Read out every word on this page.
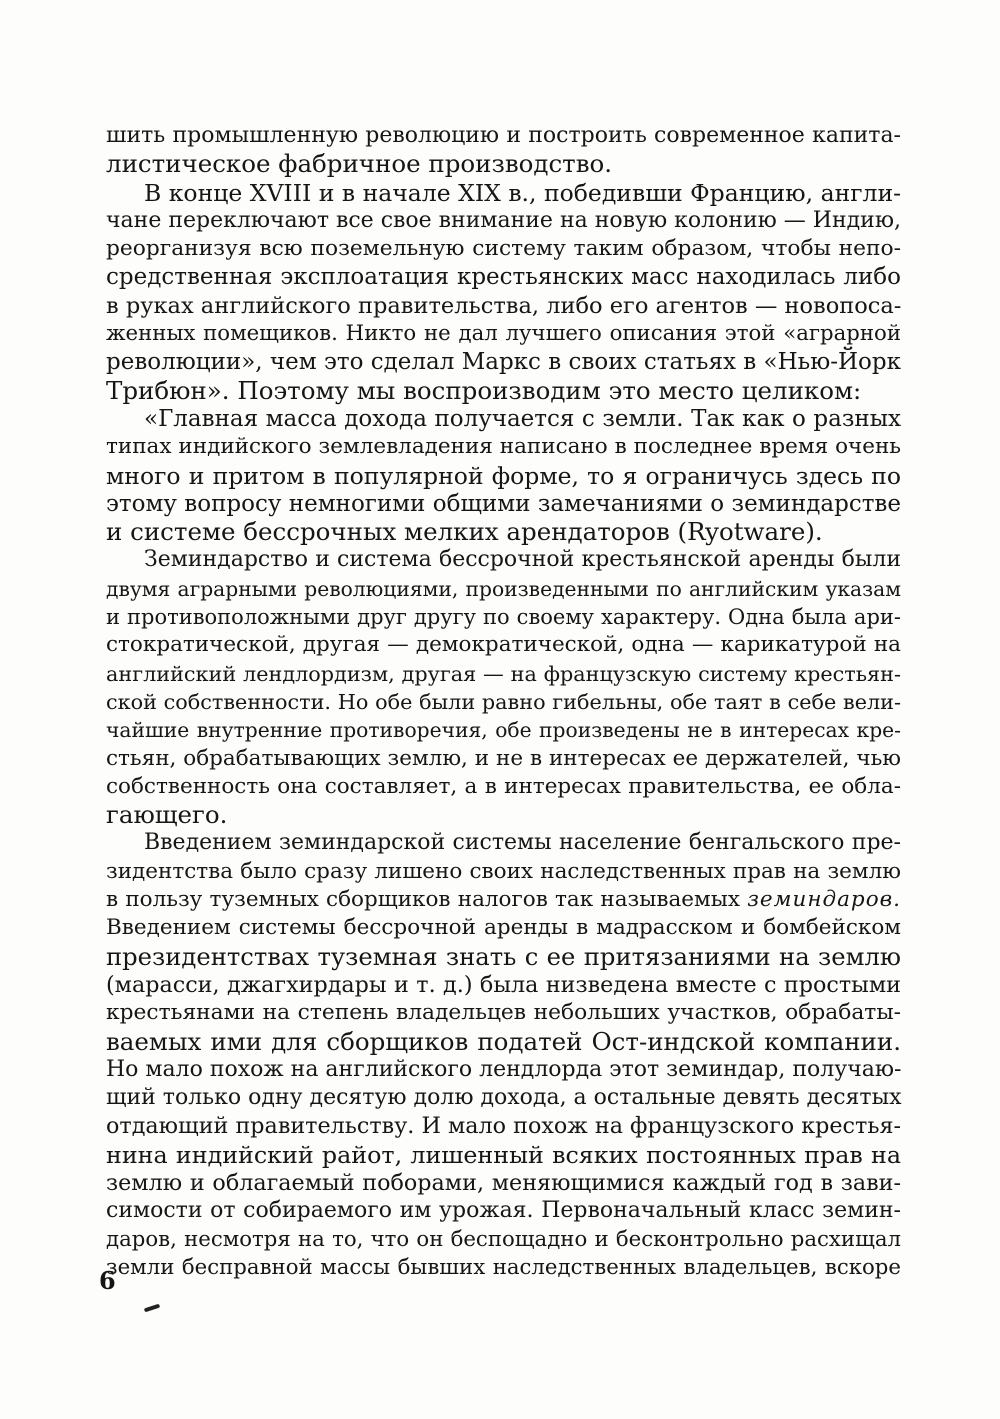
шить промышленную революцию и построить современное капита-
листическое фабричное производство.
В конце XVIII и в начале XIX в., победивши Францию, англи-
чане переключают все свое внимание на новую колонию — Индию,
реорганизуя всю поземельную систему таким образом, чтобы непо-
средственная эксплоатация крестьянских масс находилась либо
в руках английского правительства, либо его агентов — новопоса-
женных помещиков. Никто не дал лучшего описания этой «аграрной
революции», чем это сделал Маркс в своих статьях в «Нью-Йорк
Трибюн». Поэтому мы воспроизводим это место целиком:
«Главная масса дохода получается с земли. Так как о разных
типах индийского землевладения написано в последнее время очень
много и притом в популярной форме, то я ограничусь здесь по
этому вопросу немногими общими замечаниями о земиндарстве
и системе бессрочных мелких арендаторов (Ryotware).
Земиндарство и система бессрочной крестьянской аренды были
двумя аграрными революциями, произведенными по английским указам
и противоположными друг другу по своему характеру. Одна была ари-
стократической, другая — демократической, одна — карикатурой на
английский лендлордизм, другая — на французскую систему крестьян-
ской собственности. Но обе были равно гибельны, обе таят в себе вели-
чайшие внутренние противоречия, обе произведены не в интересах кре-
стьян, обрабатывающих землю, и не в интересах ее держателей, чью
собственность она составляет, а в интересах правительства, ее обла-
гающего.
Введением земиндарской системы население бенгальского пре-
зидентства было сразу лишено своих наследственных прав на землю
в пользу туземных сборщиков налогов так называемых земиндаров.
Введением системы бессрочной аренды в мадрасском и бомбейском
президентствах туземная знать с ее притязаниями на землю
(марасси, джагхирдары и т. д.) была низведена вместе с простыми
крестьянами на степень владельцев небольших участков, обрабаты-
ваемых ими для сборщиков податей Ост-индской компании.
Но мало похож на английского лендлорда этот земиндар, получаю-
щий только одну десятую долю дохода, а остальные девять десятых
отдающий правительству. И мало похож на французского крестья-
нина индийский райот, лишенный всяких постоянных прав на
землю и облагаемый поборами, меняющимися каждый год в зави-
симости от собираемого им урожая. Первоначальный класс земин-
даров, несмотря на то, что он беспощадно и бесконтрольно расхищал
земли бесправной массы бывших наследственных владельцев, вскоре
6
